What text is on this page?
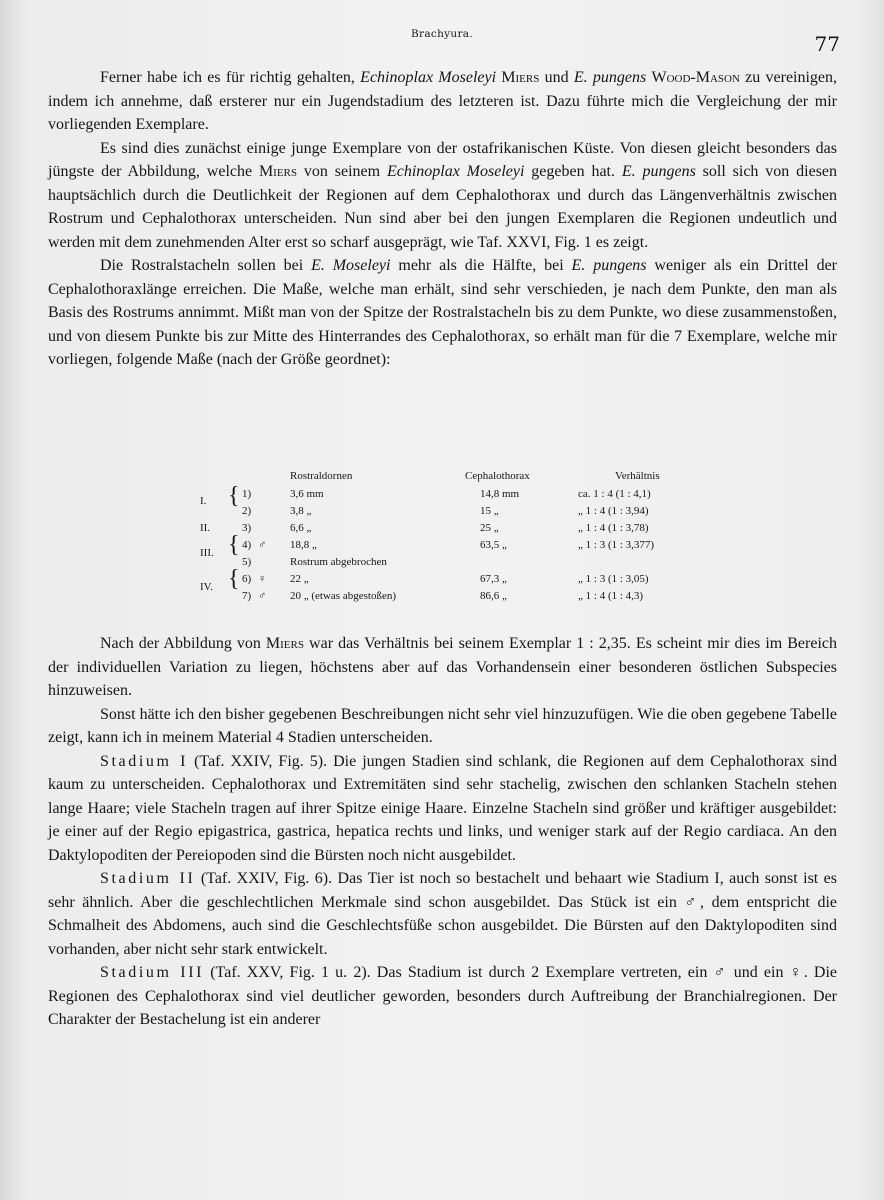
Brachyura.	77

Ferner habe ich es für richtig gehalten, Echinoplax Moseleyi Miers und E. pungens Wood-Mason zu vereinigen, indem ich annehme, daß ersterer nur ein Jugendstadium des letzteren ist. Dazu führte mich die Vergleichung der mir vorliegenden Exemplare.

Es sind dies zunächst einige junge Exemplare von der ostafrikanischen Küste. Von diesen gleicht besonders das jüngste der Abbildung, welche Miers von seinem Echinoplax Moseleyi gegeben hat. E. pungens soll sich von diesen hauptsächlich durch die Deutlichkeit der Regionen auf dem Cephalothorax und durch das Längenverhältnis zwischen Rostrum und Cephalothorax unterscheiden. Nun sind aber bei den jungen Exemplaren die Regionen undeutlich und werden mit dem zunehmenden Alter erst so scharf ausgeprägt, wie Taf. XXVI, Fig. 1 es zeigt.

Die Rostralstacheln sollen bei E. Moseleyi mehr als die Hälfte, bei E. pungens weniger als ein Drittel der Cephalothoraxlänge erreichen. Die Maße, welche man erhält, sind sehr verschieden, je nach dem Punkte, den man als Basis des Rostrums annimmt. Mißt man von der Spitze der Rostralstacheln bis zu dem Punkte, wo diese zusammenstoßen, und von diesem Punkte bis zur Mitte des Hinterrandes des Cephalothorax, so erhält man für die 7 Exemplare, welche mir vorliegen, folgende Maße (nach der Größe geordnet):

Rostraldornen	Cephalothorax	Verhältnis
{
{
{
I.
1)	3,6 mm	14,8 mm	ca. 1 : 4 (1 : 4,1)
2)	3,8 „	15 „	„ 1 : 4 (1 : 3,94)
II.	3)	6,6 „	25 „	„ 1 : 4 (1 : 3,78)
III.
4) ♂ 18,8 „	63,5 „	„ 1 : 3 (1 : 3,377)
5)	Rostrum abgebrochen
IV.
6) ♀ 22 „	67,3 „	„ 1 : 3 (1 : 3,05)
7) ♂ 20 „ (etwas abgestoßen)	86,6 „	„ 1 : 4 (1 : 4,3)

Nach der Abbildung von Miers war das Verhältnis bei seinem Exemplar 1 : 2,35. Es scheint mir dies im Bereich der individuellen Variation zu liegen, höchstens aber auf das Vorhandensein einer besonderen östlichen Subspecies hinzuweisen.

Sonst hätte ich den bisher gegebenen Beschreibungen nicht sehr viel hinzuzufügen. Wie die oben gegebene Tabelle zeigt, kann ich in meinem Material 4 Stadien unterscheiden.

Stadium I (Taf. XXIV, Fig. 5). Die jungen Stadien sind schlank, die Regionen auf dem Cephalothorax sind kaum zu unterscheiden. Cephalothorax und Extremitäten sind sehr stachelig, zwischen den schlanken Stacheln stehen lange Haare; viele Stacheln tragen auf ihrer Spitze einige Haare. Einzelne Stacheln sind größer und kräftiger ausgebildet: je einer auf der Regio epigastrica, gastrica, hepatica rechts und links, und weniger stark auf der Regio cardiaca. An den Daktylopoditen der Pereiopoden sind die Bürsten noch nicht ausgebildet.

Stadium II (Taf. XXIV, Fig. 6). Das Tier ist noch so bestachelt und behaart wie Stadium I, auch sonst ist es sehr ähnlich. Aber die geschlechtlichen Merkmale sind schon ausgebildet. Das Stück ist ein ♂, dem entspricht die Schmalheit des Abdomens, auch sind die Geschlechtsfüße schon ausgebildet. Die Bürsten auf den Daktylopoditen sind vorhanden, aber nicht sehr stark entwickelt.

Stadium III (Taf. XXV, Fig. 1 u. 2). Das Stadium ist durch 2 Exemplare vertreten, ein ♂ und ein ♀. Die Regionen des Cephalothorax sind viel deutlicher geworden, besonders durch Auftreibung der Branchialregionen. Der Charakter der Bestachelung ist ein anderer
